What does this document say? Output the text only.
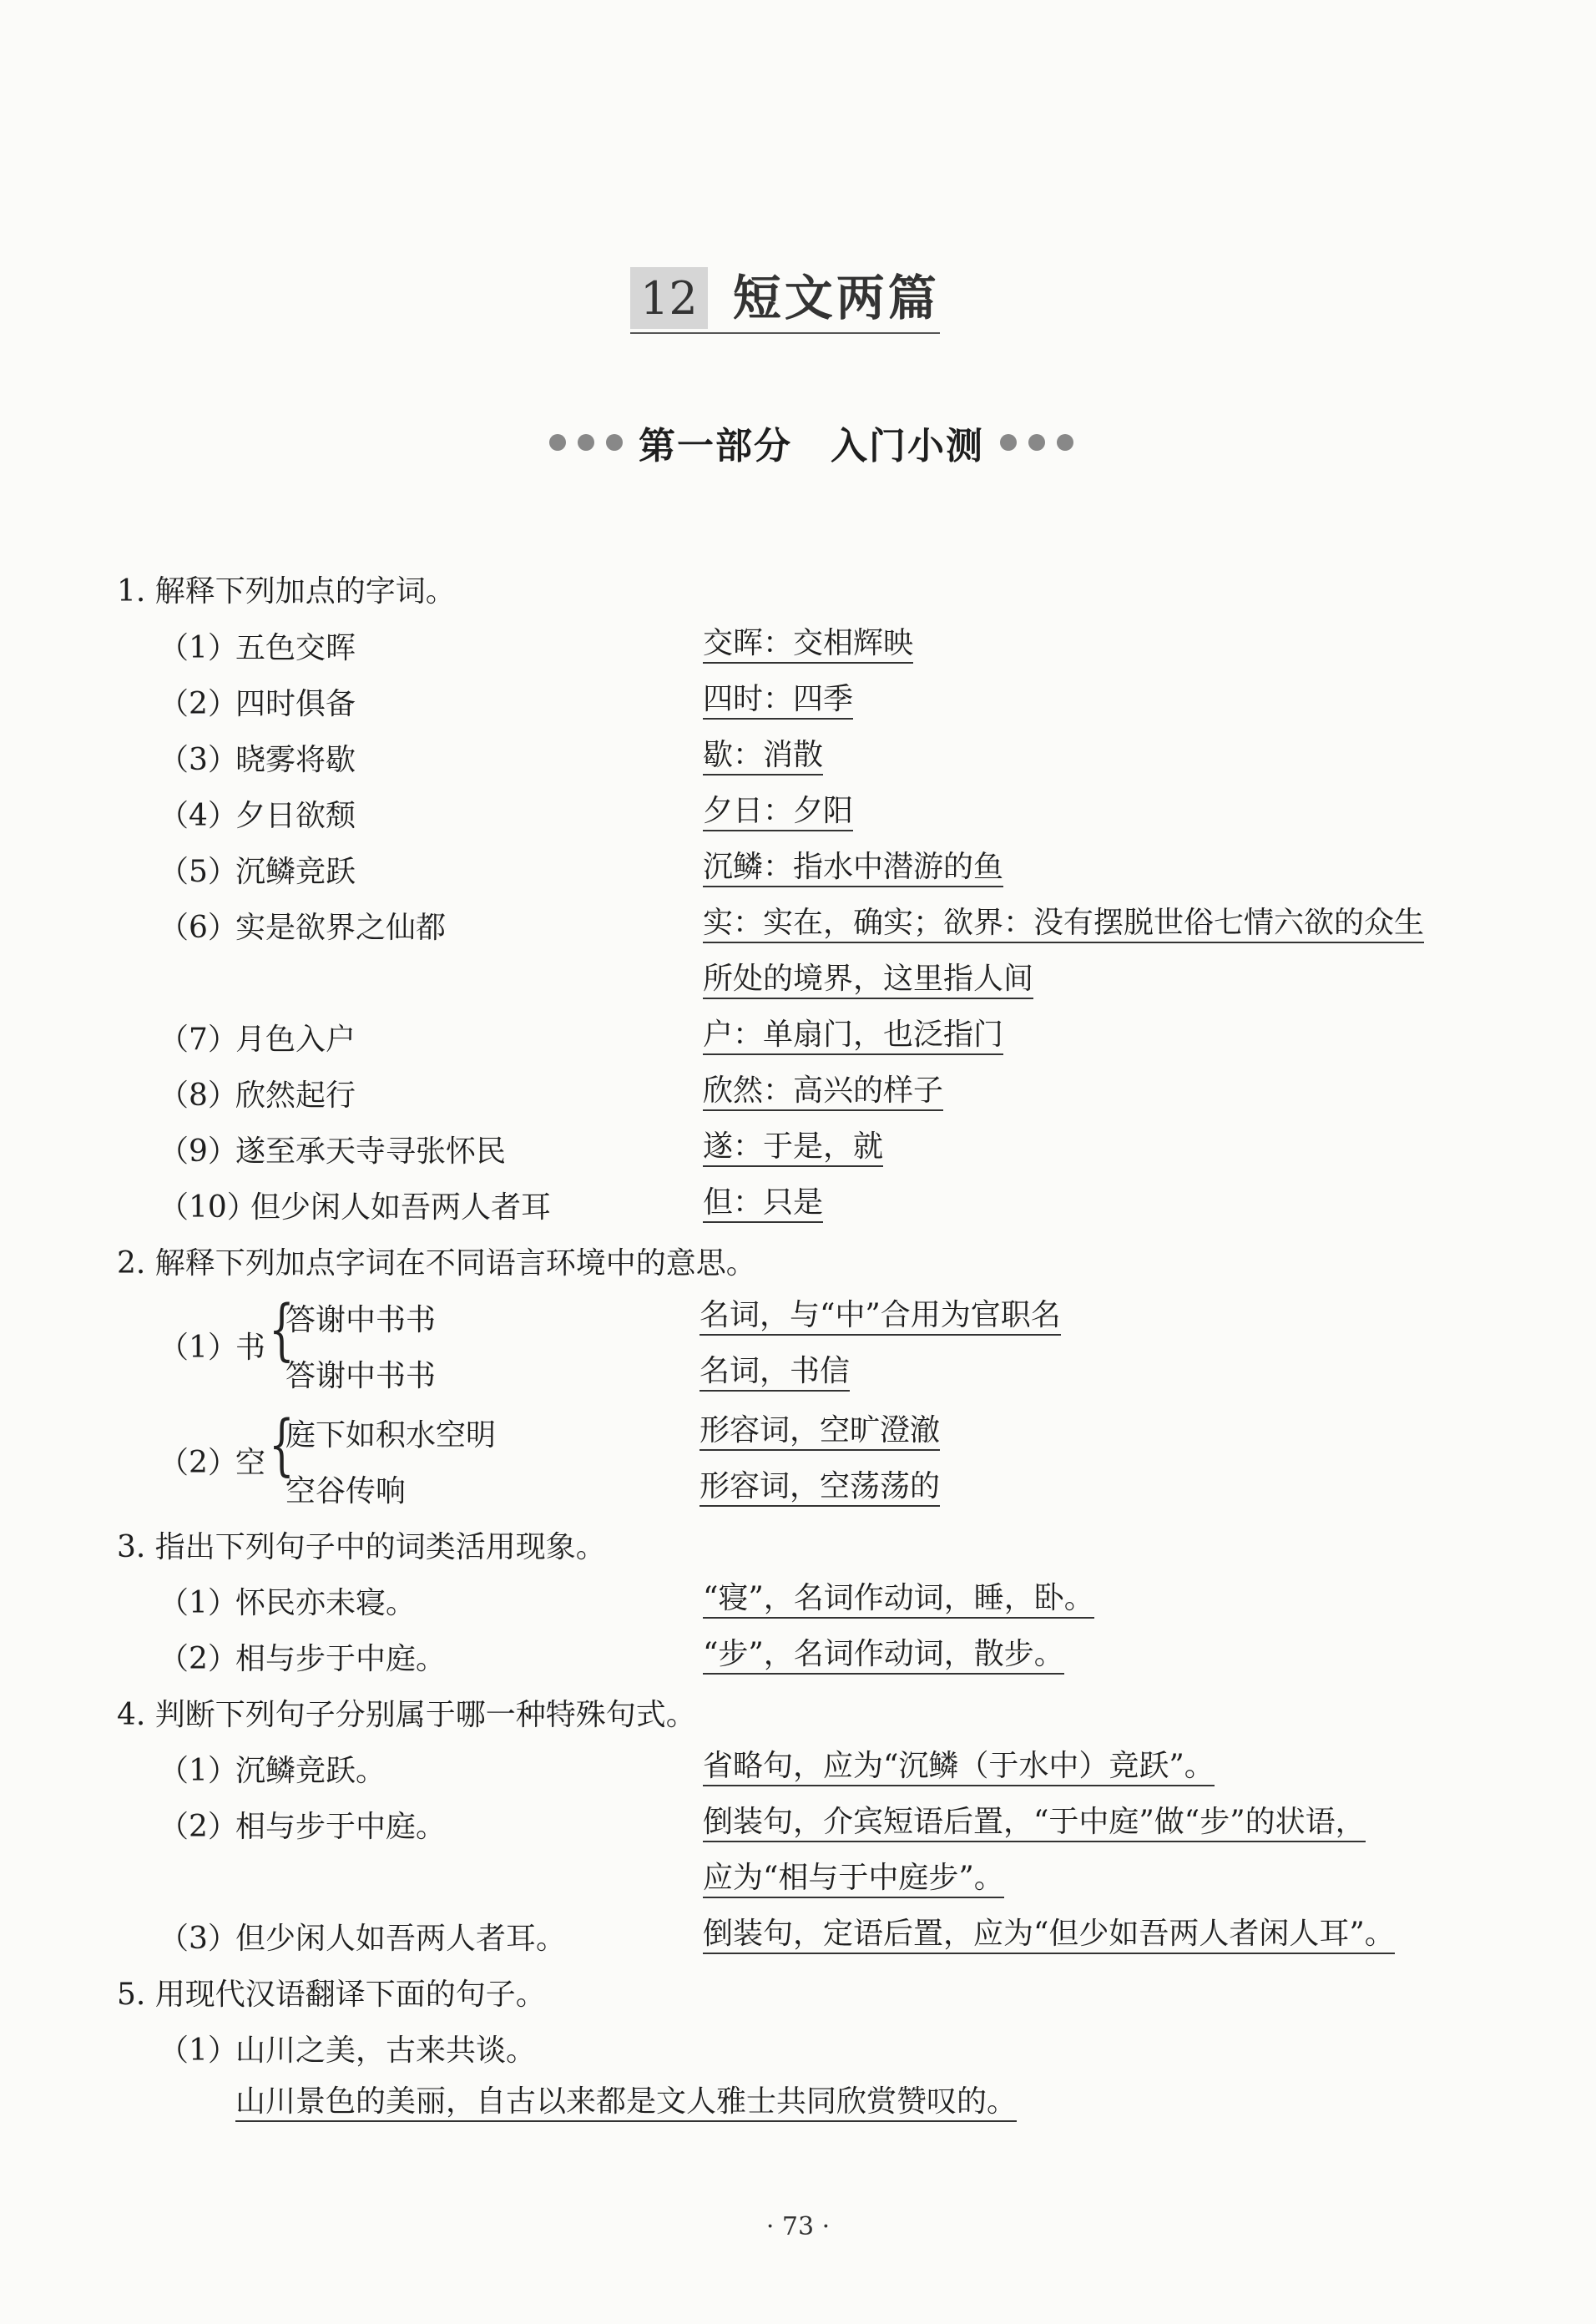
12 短文两篇
第一部分　入门小测
1. 解释下列加点的字词。
（1）
五色交晖	交晖：交相辉映
（2）
四时俱备	四时：四季
（3）
晓雾将歇	歇：消散
（4）
夕日欲颓	夕日：夕阳
（5）
沉鳞竞跃	沉鳞：指水中潜游的鱼
（6）
实是欲界之仙都	实：实在，确实；欲界：没有摆脱世俗七情六欲的众生
所处的境界，这里指人间
（7）
月色入户	户：单扇门，也泛指门
（8）
欣然起行	欣然：高兴的样子
（9）
遂至承天寺寻张怀民	遂：于是，就
（10）
但少闲人如吾两人者耳	但：只是
2. 解释下列加点字词在不同语言环境中的意思。
（1）
书 {
答谢中书书	名词，与“中”合用为官职名
答谢中书书	名词，书信
（2）
空 {
庭下如积水空明	形容词，空旷澄澈
空谷传响	形容词，空荡荡的
3. 指出下列句子中的词类活用现象。
（1）
怀民亦未寝。	“寝”，名词作动词，睡，卧。
（2）
相与步于中庭。	“步”，名词作动词，散步。
4. 判断下列句子分别属于哪一种特殊句式。
（1）
沉鳞竞跃。	省略句，应为“沉鳞（于水中）竞跃”。
（2）
相与步于中庭。	倒装句，介宾短语后置，“于中庭”做“步”的状语，
应为“相与于中庭步”。
（3）
但少闲人如吾两人者耳。	倒装句，定语后置，应为“但少如吾两人者闲人耳”。
5. 用现代汉语翻译下面的句子。
（1）
山川之美，古来共谈。
山川景色的美丽，自古以来都是文人雅士共同欣赏赞叹的。
· 73 ·
